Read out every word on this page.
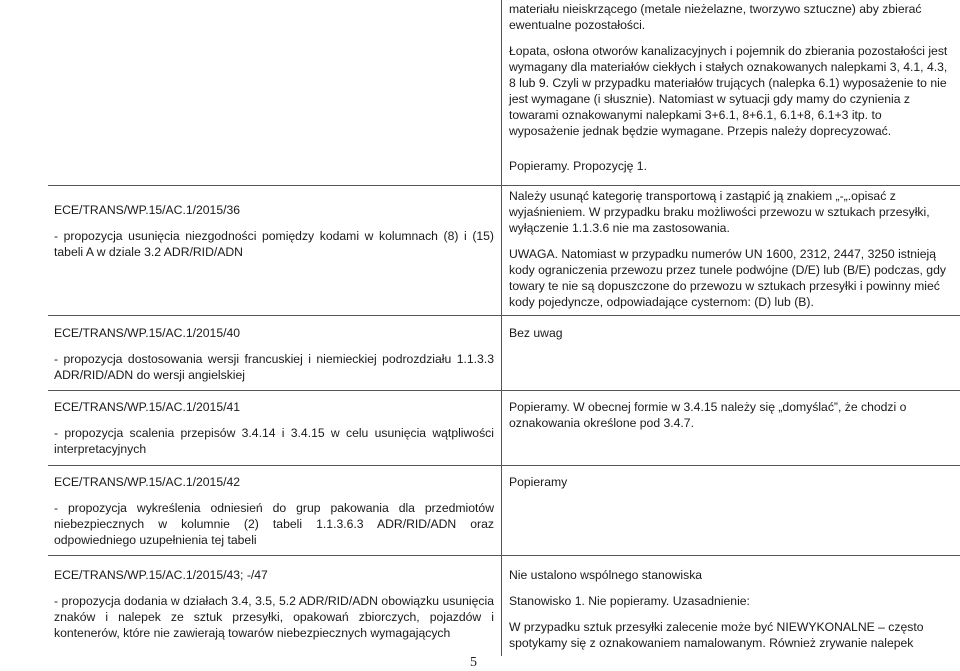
materiału nieiskrzącego (metale nieżelazne, tworzywo sztuczne) aby zbierać ewentualne pozostałości.

Łopata, osłona otworów kanalizacyjnych i pojemnik do zbierania pozostałości jest wymagany dla materiałów ciekłych i stałych oznakowanych nalepkami 3, 4.1, 4.3, 8 lub 9. Czyli w przypadku materiałów trujących (nalepka 6.1) wyposażenie to nie jest wymagane (i słusznie). Natomiast w sytuacji gdy mamy do czynienia z towarami oznakowanymi nalepkami 3+6.1, 8+6.1, 6.1+8, 6.1+3 itp. to wyposażenie jednak będzie wymagane. Przepis należy doprecyzować.

ECE/TRANS/WP.15/AC.1/2015/36

- propozycja usunięcia niezgodności pomiędzy kodami w kolumnach (8) i (15) tabeli A w dziale 3.2 ADR/RID/ADN

Popieramy. Propozycję 1.

Należy usunąć kategorię transportową i zastąpić ją znakiem „-„.opisać z wyjaśnieniem. W przypadku braku możliwości przewozu w sztukach przesyłki, wyłączenie 1.1.3.6 nie ma zastosowania.

UWAGA. Natomiast w przypadku numerów UN 1600, 2312, 2447, 3250 istnieją kody ograniczenia przewozu przez tunele podwójne (D/E) lub (B/E) podczas, gdy towary te nie są dopuszczone do przewozu w sztukach przesyłki i powinny mieć kody pojedyncze, odpowiadające cysternom: (D) lub (B).

ECE/TRANS/WP.15/AC.1/2015/40

- propozycja dostosowania wersji francuskiej i niemieckiej podrozdziału 1.1.3.3 ADR/RID/ADN do wersji angielskiej

Bez uwag

ECE/TRANS/WP.15/AC.1/2015/41

- propozycja scalenia przepisów 3.4.14 i 3.4.15 w celu usunięcia wątpliwości interpretacyjnych

Popieramy. W obecnej formie w 3.4.15 należy się „domyślać”, że chodzi o oznakowania określone pod 3.4.7.

ECE/TRANS/WP.15/AC.1/2015/42

- propozycja wykreślenia odniesień do grup pakowania dla przedmiotów niebezpiecznych w kolumnie (2) tabeli 1.1.3.6.3 ADR/RID/ADN oraz odpowiedniego uzupełnienia tej tabeli

Popieramy

ECE/TRANS/WP.15/AC.1/2015/43; -/47

- propozycja dodania w działach 3.4, 3.5, 5.2 ADR/RID/ADN obowiązku usunięcia znaków i nalepek ze sztuk przesyłki, opakowań zbiorczych, pojazdów i kontenerów, które nie zawierają towarów niebezpiecznych wymagających

Nie ustalono wspólnego stanowiska

Stanowisko 1. Nie popieramy. Uzasadnienie:

W przypadku sztuk przesyłki zalecenie może być NIEWYKONALNE – często spotykamy się z oznakowaniem namalowanym. Również zrywanie nalepek

5
